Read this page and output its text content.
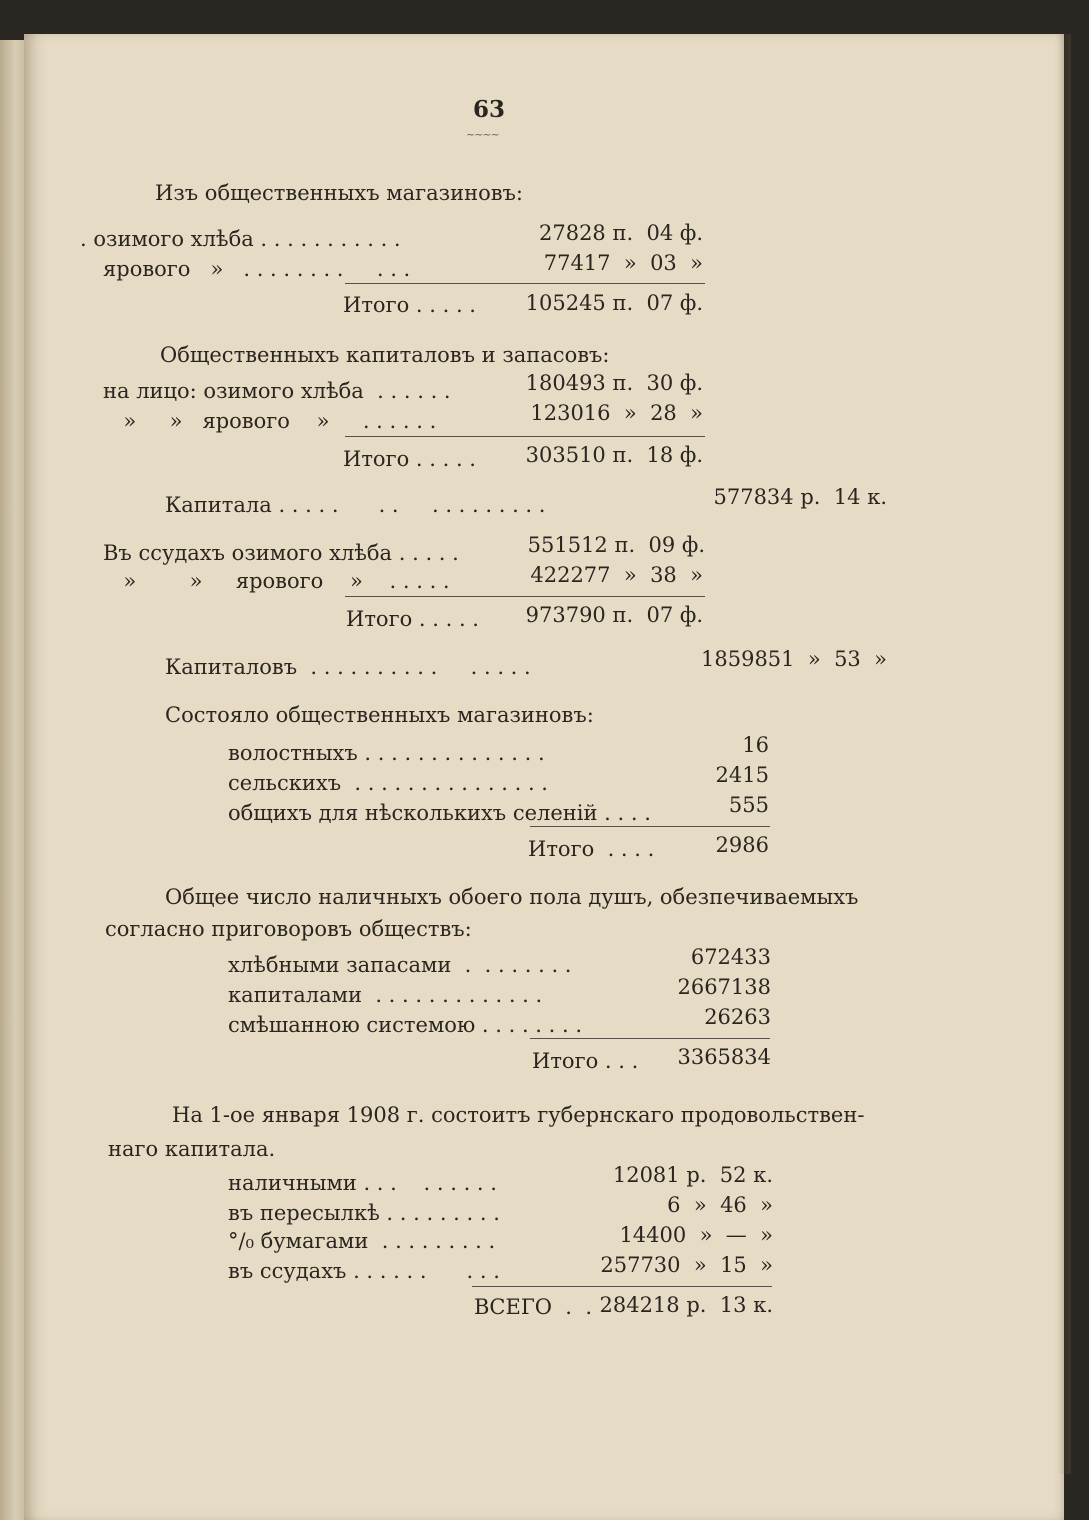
63
~~~~
Изъ общественныхъ магазиновъ:
. озимого хлѣба . . . . . . . . . . .	27828 п.  04 ф.
ярового   »   . . . . . . . .     . . .	77417  »  03  »
Итого . . . . . 105245 п.  07 ф.
Общественныхъ капиталовъ и запасовъ:
на лицо: озимого хлѣба  . . . . . .	180493 п.  30 ф.
»     »   ярового    »     . . . . . .	123016  »  28  »
Итого . . . . . 303510 п.  18 ф.
Капитала . . . . .      . .     . . . . . . . . .	577834 р.  14 к.
Въ ссудахъ озимого хлѣба . . . . .	551512 п.  09 ф.
»        »     ярового    »    . . . . .	422277  »  38  »
Итого . . . . . 973790 п.  07 ф.
Капиталовъ  . . . . . . . . . .     . . . . .	1859851  »  53  »
Состояло общественныхъ магазиновъ:
волостныхъ . . . . . . . . . . . . . .	16
сельскихъ  . . . . . . . . . . . . . . .	2415
общихъ для нѣсколькихъ селеній . . . .	555
Итого  . . . .	2986
Общее число наличныхъ обоего пола душъ, обезпечиваемыхъ
согласно приговоровъ обществъ:
хлѣбными запасами  .  . . . . . . .	672433
капиталами  . . . . . . . . . . . . .	2667138
смѣшанною системою . . . . . . . .	26263
Итого . . . 3365834
На 1-ое января 1908 г. состоитъ губернскаго продовольствен-
наго капитала.
наличными . . .    . . . . . .	12081 р.  52 к.
въ пересылкѣ . . . . . . . . .	6  »  46  »
°/₀ бумагами  . . . . . . . . .	14400  »  —  »
въ ссудахъ . . . . . .      . . .	257730  »  15  »
ВСЕГО  .  . 284218 р.  13 к.
